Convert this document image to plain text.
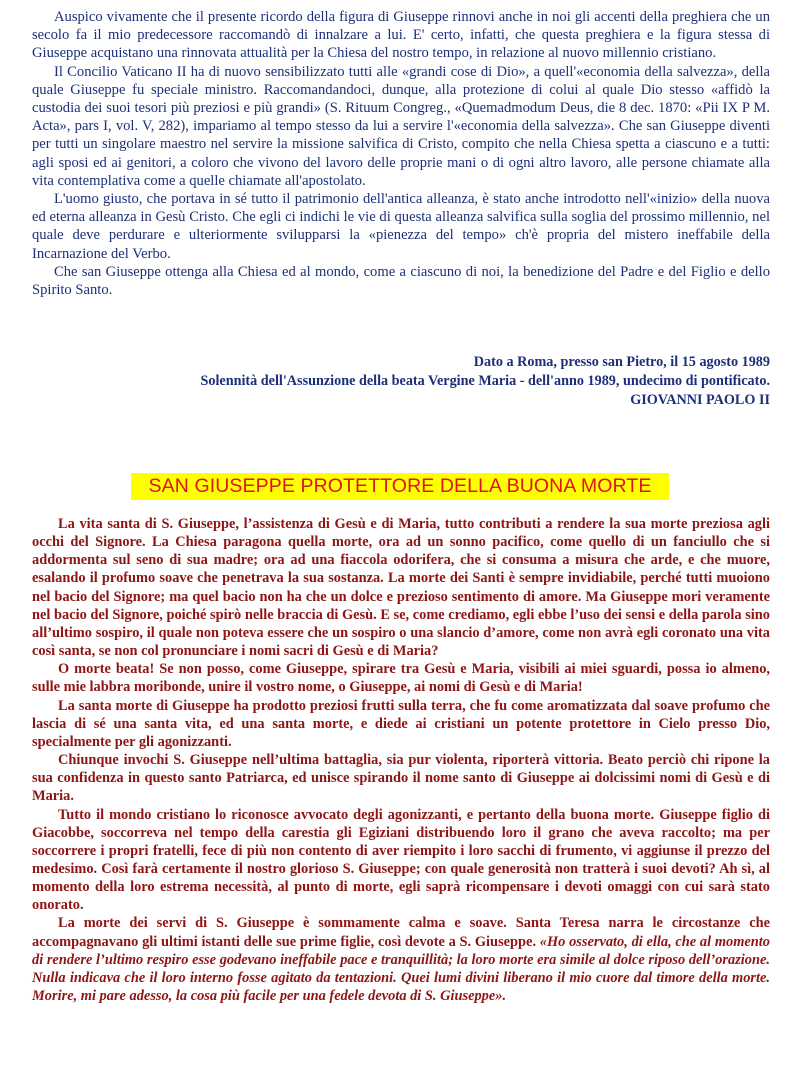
Auspico vivamente che il presente ricordo della figura di Giuseppe rinnovi anche in noi gli accenti della preghiera che un secolo fa il mio predecessore raccomandò di innalzare a lui. E' certo, infatti, che questa preghiera e la figura stessa di Giuseppe acquistano una rinnovata attualità per la Chiesa del nostro tempo, in relazione al nuovo millennio cristiano.

Il Concilio Vaticano II ha di nuovo sensibilizzato tutti alle «grandi cose di Dio», a quell'«economia della salvezza», della quale Giuseppe fu speciale ministro. Raccomandandoci, dunque, alla protezione di colui al quale Dio stesso «affidò la custodia dei suoi tesori più preziosi e più grandi» (S. Rituum Congreg., «Quemadmodum Deus, die 8 dec. 1870: «Pii IX P M. Acta», pars I, vol. V, 282), impariamo al tempo stesso da lui a servire l'«economia della salvezza». Che san Giuseppe diventi per tutti un singolare maestro nel servire la missione salvifica di Cristo, compito che nella Chiesa spetta a ciascuno e a tutti: agli sposi ed ai genitori, a coloro che vivono del lavoro delle proprie mani o di ogni altro lavoro, alle persone chiamate alla vita contemplativa come a quelle chiamate all'apostolato.

L'uomo giusto, che portava in sé tutto il patrimonio dell'antica alleanza, è stato anche introdotto nell'«inizio» della nuova ed eterna alleanza in Gesù Cristo. Che egli ci indichi le vie di questa alleanza salvifica sulla soglia del prossimo millennio, nel quale deve perdurare e ulteriormente svilupparsi la «pienezza del tempo» ch'è propria del mistero ineffabile della Incarnazione del Verbo.

Che san Giuseppe ottenga alla Chiesa ed al mondo, come a ciascuno di noi, la benedizione del Padre e del Figlio e dello Spirito Santo.

Dato a Roma, presso san Pietro, il 15 agosto 1989
Solennità dell'Assunzione della beata Vergine Maria - dell'anno 1989, undecimo di pontificato.
GIOVANNI PAOLO II
SAN GIUSEPPE PROTETTORE DELLA BUONA MORTE

La vita santa di S. Giuseppe, l’assistenza di Gesù e di Maria, tutto contributi a rendere la sua morte preziosa agli occhi del Signore. La Chiesa paragona quella morte, ora ad un sonno pacifico, come quello di un fanciullo che si addormenta sul seno di sua madre; ora ad una fiaccola odorifera, che si consuma a misura che arde, e che muore, esalando il profumo soave che penetrava la sua sostanza. La morte dei Santi è sempre invidiabile, perché tutti muoiono nel bacio del Signore; ma quel bacio non ha che un dolce e prezioso sentimento di amore. Ma Giuseppe mori veramente nel bacio del Signore, poiché spirò nelle braccia di Gesù. E se, come crediamo, egli ebbe l’uso dei sensi e della parola sino all’ultimo sospiro, il quale non poteva essere che un sospiro o una slancio d’amore, come non avrà egli coronato una vita così santa, se non col pronunciare i nomi sacri di Gesù e di Maria?

O morte beata! Se non posso, come Giuseppe, spirare tra Gesù e Maria, visibili ai miei sguardi, possa io almeno, sulle mie labbra moribonde, unire il vostro nome, o Giuseppe, ai nomi di Gesù e di Maria!

La santa morte di Giuseppe ha prodotto preziosi frutti sulla terra, che fu come aromatizzata dal soave profumo che lascia di sé una santa vita, ed una santa morte, e diede ai cristiani un potente protettore in Cielo presso Dio, specialmente per gli agonizzanti.

Chiunque invochi S. Giuseppe nell’ultima battaglia, sia pur violenta, riporterà vittoria. Beato perciò chi ripone la sua confidenza in questo santo Patriarca, ed unisce spirando il nome santo di Giuseppe ai dolcissimi nomi di Gesù e di Maria.

Tutto il mondo cristiano lo riconosce avvocato degli agonizzanti, e pertanto della buona morte. Giuseppe figlio di Giacobbe, soccorreva nel tempo della carestia gli Egiziani distribuendo loro il grano che aveva raccolto; ma per soccorrere i propri fratelli, fece di più non contento di aver riempito i loro sacchi di frumento, vi aggiunse il prezzo del medesimo. Così farà certamente il nostro glorioso S. Giuseppe; con quale generosità non tratterà i suoi devoti? Ah sì, al momento della loro estrema necessità, al punto di morte, egli saprà ricompensare i devoti omaggi con cui sarà stato onorato.

La morte dei servi di S. Giuseppe è sommamente calma e soave. Santa Teresa narra le circostanze che accompagnavano gli ultimi istanti delle sue prime figlie, così devote a S. Giuseppe. «Ho osservato, di ella, che al momento di rendere l’ultimo respiro esse godevano ineffabile pace e tranquillità; la loro morte era simile al dolce riposo dell’orazione. Nulla indicava che il loro interno fosse agitato da tentazioni. Quei lumi divini liberano il mio cuore dal timore della morte. Morire, mi pare adesso, la cosa più facile per una fedele devota di S. Giuseppe».
